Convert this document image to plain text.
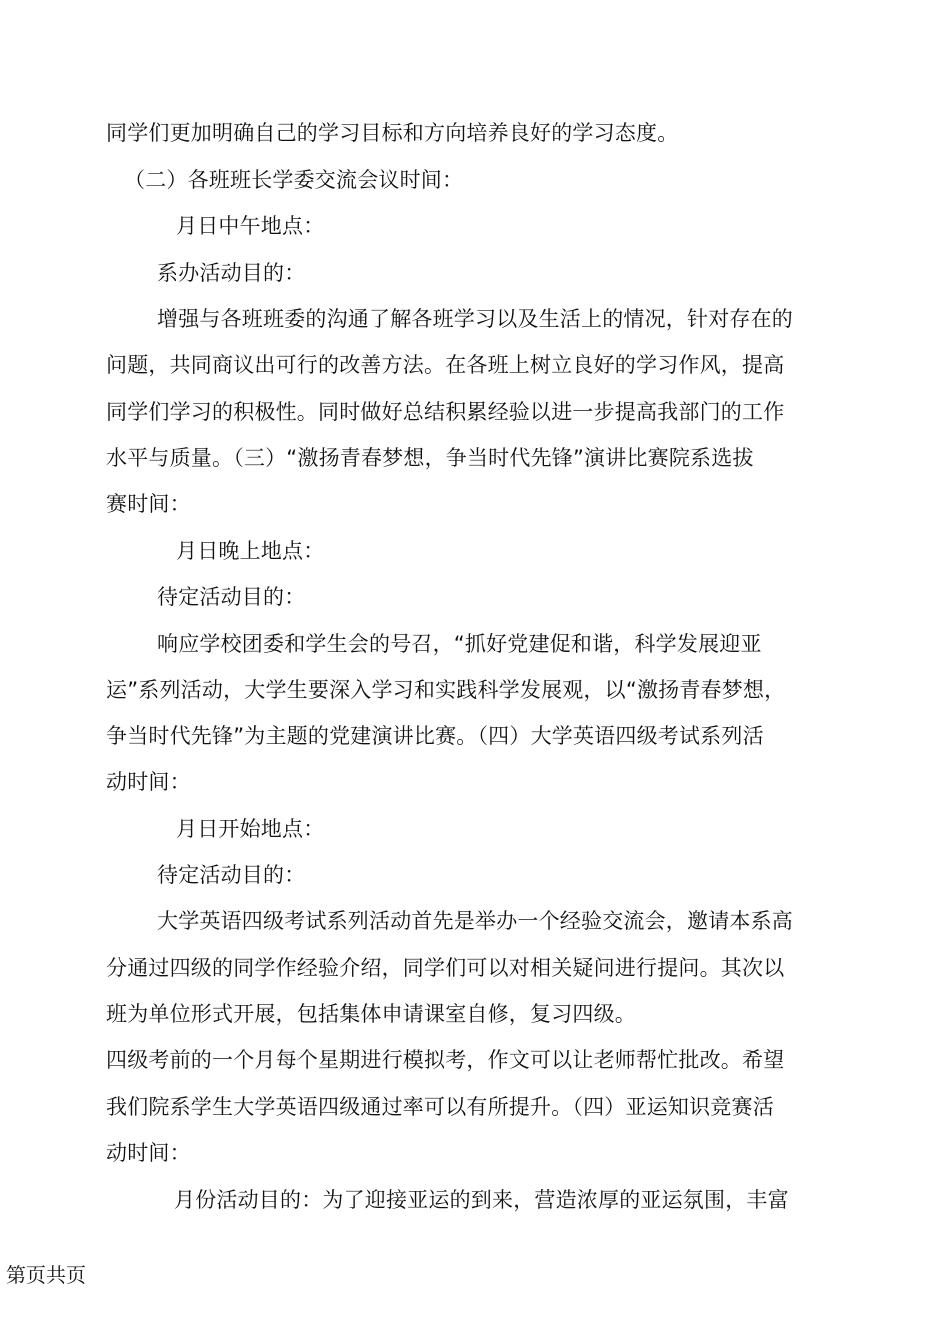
同学们更加明确自己的学习目标和方向培养良好的学习态度。
（二）各班班长学委交流会议时间：
月日中午地点：
系办活动目的：
增强与各班班委的沟通了解各班学习以及生活上的情况，针对存在的
问题，共同商议出可行的改善方法。在各班上树立良好的学习作风，提高
同学们学习的积极性。同时做好总结积累经验以进一步提高我部门的工作
水平与质量。（三）“激扬青春梦想，争当时代先锋”演讲比赛院系选拔
赛时间：
月日晚上地点：
待定活动目的：
响应学校团委和学生会的号召，“抓好党建促和谐，科学发展迎亚
运”系列活动，大学生要深入学习和实践科学发展观，以“激扬青春梦想，
争当时代先锋”为主题的党建演讲比赛。（四）大学英语四级考试系列活
动时间：
月日开始地点：
待定活动目的：
大学英语四级考试系列活动首先是举办一个经验交流会，邀请本系高
分通过四级的同学作经验介绍，同学们可以对相关疑问进行提问。其次以
班为单位形式开展，包括集体申请课室自修，复习四级。
四级考前的一个月每个星期进行模拟考，作文可以让老师帮忙批改。希望
我们院系学生大学英语四级通过率可以有所提升。（四）亚运知识竞赛活
动时间：
月份活动目的：为了迎接亚运的到来，营造浓厚的亚运氛围，丰富
第页共页
